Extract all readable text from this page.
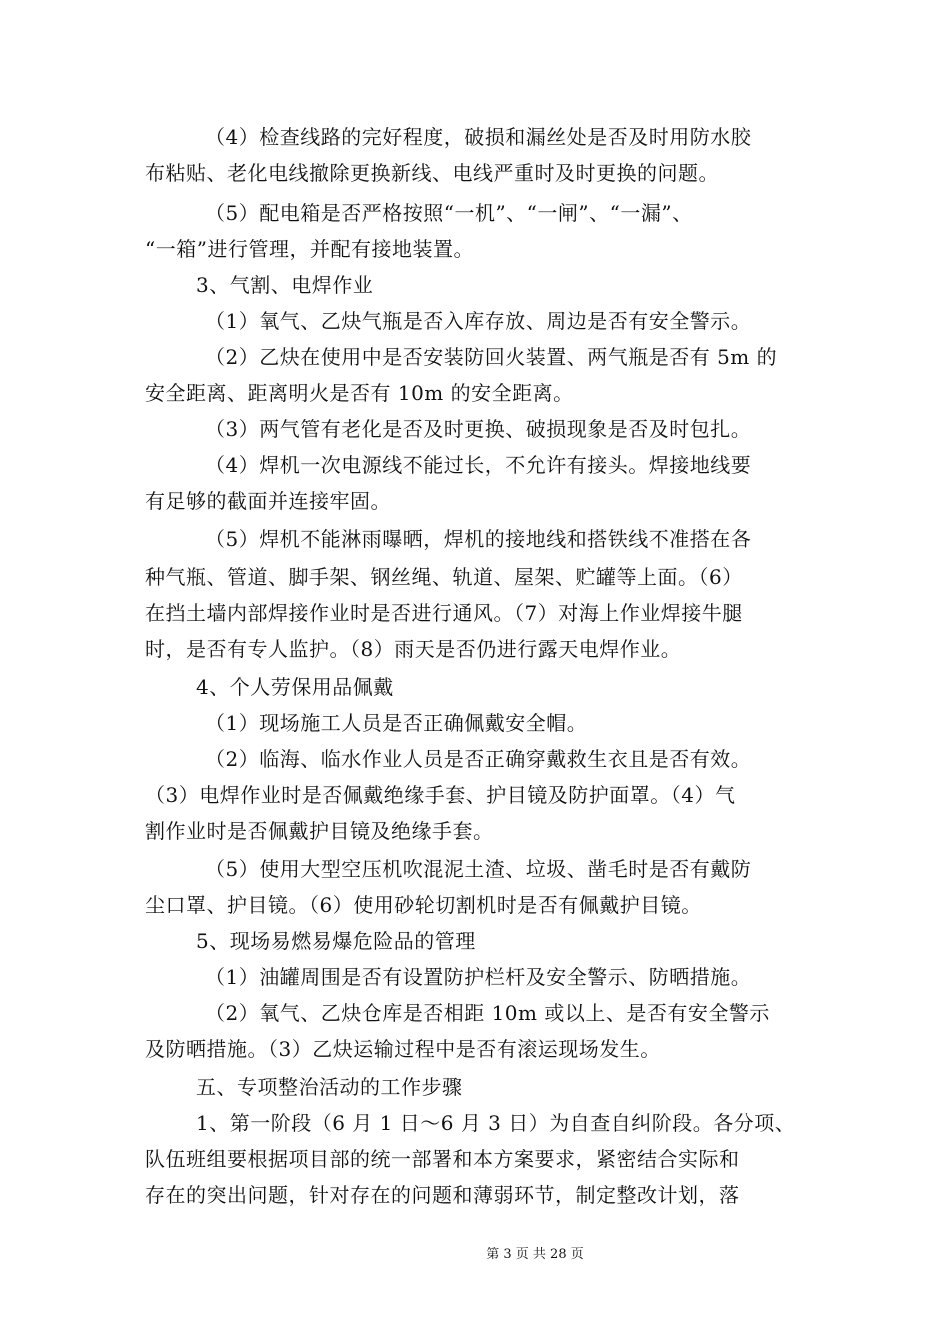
（4）检查线路的完好程度，破损和漏丝处是否及时用防水胶
布粘贴、老化电线撤除更换新线、电线严重时及时更换的问题。
（5）配电箱是否严格按照“一机”、“一闸”、“一漏”、
“一箱”进行管理，并配有接地装置。
3、气割、电焊作业
（1）氧气、乙炔气瓶是否入库存放、周边是否有安全警示。
（2）乙炔在使用中是否安装防回火装置、两气瓶是否有 5m 的
安全距离、距离明火是否有 10m 的安全距离。
（3）两气管有老化是否及时更换、破损现象是否及时包扎。
（4）焊机一次电源线不能过长，不允许有接头。焊接地线要
有足够的截面并连接牢固。
（5）焊机不能淋雨曝晒，焊机的接地线和搭铁线不准搭在各
种气瓶、管道、脚手架、钢丝绳、轨道、屋架、贮罐等上面。（6）
在挡土墙内部焊接作业时是否进行通风。（7）对海上作业焊接牛腿
时，是否有专人监护。（8）雨天是否仍进行露天电焊作业。
4、个人劳保用品佩戴
（1）现场施工人员是否正确佩戴安全帽。
（2）临海、临水作业人员是否正确穿戴救生衣且是否有效。
（3）电焊作业时是否佩戴绝缘手套、护目镜及防护面罩。（4）气
割作业时是否佩戴护目镜及绝缘手套。
（5）使用大型空压机吹混泥土渣、垃圾、凿毛时是否有戴防
尘口罩、护目镜。（6）使用砂轮切割机时是否有佩戴护目镜。
5、现场易燃易爆危险品的管理
（1）油罐周围是否有设置防护栏杆及安全警示、防晒措施。
（2）氧气、乙炔仓库是否相距 10m 或以上、是否有安全警示
及防晒措施。（3）乙炔运输过程中是否有滚运现场发生。
五、专项整治活动的工作步骤
1、第一阶段（6 月 1 日～6 月 3 日）为自查自纠阶段。各分项、
队伍班组要根据项目部的统一部署和本方案要求，紧密结合实际和
存在的突出问题，针对存在的问题和薄弱环节，制定整改计划，落
第 3 页 共 28 页
